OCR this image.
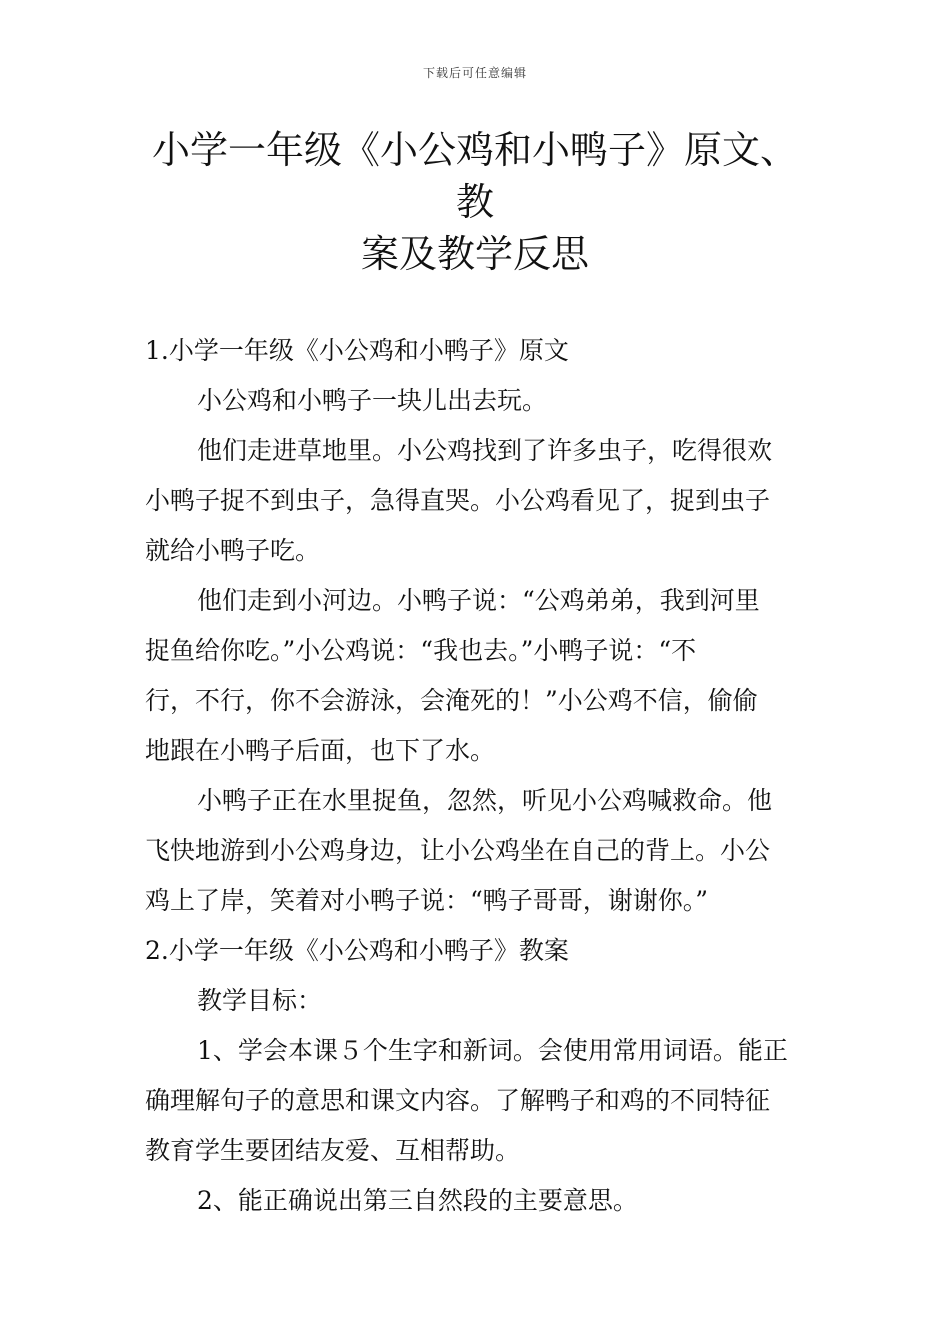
下载后可任意编辑
小学一年级《小公鸡和小鸭子》原文、教
案及教学反思
1.小学一年级《小公鸡和小鸭子》原文
小公鸡和小鸭子一块儿出去玩。
他们走进草地里。小公鸡找到了许多虫子，吃得很欢
小鸭子捉不到虫子，急得直哭。小公鸡看见了，捉到虫子
就给小鸭子吃。
他们走到小河边。小鸭子说：“公鸡弟弟，我到河里
捉鱼给你吃。”小公鸡说：“我也去。”小鸭子说：“不
行，不行，你不会游泳，会淹死的！”小公鸡不信，偷偷
地跟在小鸭子后面，也下了水。
小鸭子正在水里捉鱼，忽然，听见小公鸡喊救命。他
飞快地游到小公鸡身边，让小公鸡坐在自己的背上。小公
鸡上了岸，笑着对小鸭子说：“鸭子哥哥，谢谢你。”
2.小学一年级《小公鸡和小鸭子》教案
教学目标：
1、学会本课５个生字和新词。会使用常用词语。能正
确理解句子的意思和课文内容。了解鸭子和鸡的不同特征
教育学生要团结友爱、互相帮助。
2、能正确说出第三自然段的主要意思。
